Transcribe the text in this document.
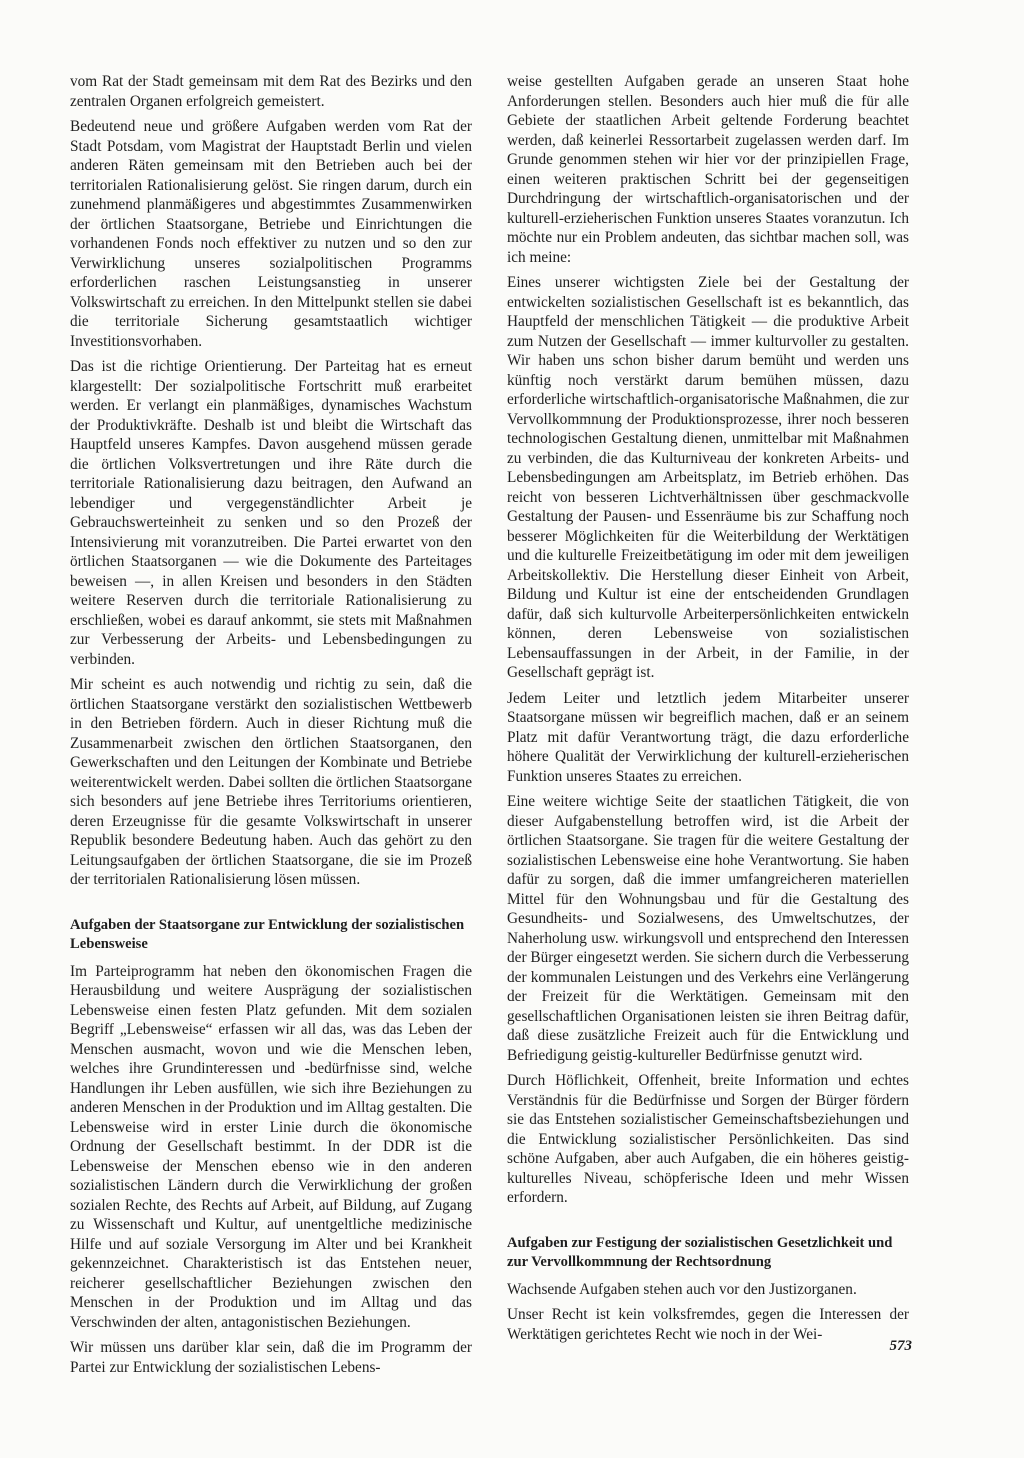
vom Rat der Stadt gemeinsam mit dem Rat des Bezirks und den zentralen Organen erfolgreich gemeistert.

Bedeutend neue und größere Aufgaben werden vom Rat der Stadt Potsdam, vom Magistrat der Hauptstadt Berlin und vielen anderen Räten gemeinsam mit den Betrieben auch bei der territorialen Rationalisierung gelöst. Sie ringen darum, durch ein zunehmend planmäßigeres und abgestimmtes Zusammenwirken der örtlichen Staatsorgane, Betriebe und Einrichtungen die vorhandenen Fonds noch effektiver zu nutzen und so den zur Verwirklichung unseres sozialpolitischen Programms erforderlichen raschen Leistungsanstieg in unserer Volkswirtschaft zu erreichen. In den Mittelpunkt stellen sie dabei die territoriale Sicherung gesamtstaatlich wichtiger Investitionsvorhaben.

Das ist die richtige Orientierung. Der Parteitag hat es erneut klargestellt: Der sozialpolitische Fortschritt muß erarbeitet werden. Er verlangt ein planmäßiges, dynamisches Wachstum der Produktivkräfte. Deshalb ist und bleibt die Wirtschaft das Hauptfeld unseres Kampfes. Davon ausgehend müssen gerade die örtlichen Volksvertretungen und ihre Räte durch die territoriale Rationalisierung dazu beitragen, den Aufwand an lebendiger und vergegenständlichter Arbeit je Gebrauchswerteinheit zu senken und so den Prozeß der Intensivierung mit voranzutreiben. Die Partei erwartet von den örtlichen Staatsorganen — wie die Dokumente des Parteitages beweisen —, in allen Kreisen und besonders in den Städten weitere Reserven durch die territoriale Rationalisierung zu erschließen, wobei es darauf ankommt, sie stets mit Maßnahmen zur Verbesserung der Arbeits- und Lebensbedingungen zu verbinden.

Mir scheint es auch notwendig und richtig zu sein, daß die örtlichen Staatsorgane verstärkt den sozialistischen Wettbewerb in den Betrieben fördern. Auch in dieser Richtung muß die Zusammenarbeit zwischen den örtlichen Staatsorganen, den Gewerkschaften und den Leitungen der Kombinate und Betriebe weiterentwickelt werden. Dabei sollten die örtlichen Staatsorgane sich besonders auf jene Betriebe ihres Territoriums orientieren, deren Erzeugnisse für die gesamte Volkswirtschaft in unserer Republik besondere Bedeutung haben. Auch das gehört zu den Leitungsaufgaben der örtlichen Staatsorgane, die sie im Prozeß der territorialen Rationalisierung lösen müssen.

Aufgaben der Staatsorgane zur Entwicklung der sozialistischen Lebensweise

Im Parteiprogramm hat neben den ökonomischen Fragen die Herausbildung und weitere Ausprägung der sozialistischen Lebensweise einen festen Platz gefunden. Mit dem sozialen Begriff „Lebensweise“ erfassen wir all das, was das Leben der Menschen ausmacht, wovon und wie die Menschen leben, welches ihre Grundinteressen und -bedürfnisse sind, welche Handlungen ihr Leben ausfüllen, wie sich ihre Beziehungen zu anderen Menschen in der Produktion und im Alltag gestalten. Die Lebensweise wird in erster Linie durch die ökonomische Ordnung der Gesellschaft bestimmt. In der DDR ist die Lebensweise der Menschen ebenso wie in den anderen sozialistischen Ländern durch die Verwirklichung der großen sozialen Rechte, des Rechts auf Arbeit, auf Bildung, auf Zugang zu Wissenschaft und Kultur, auf unentgeltliche medizinische Hilfe und auf soziale Versorgung im Alter und bei Krankheit gekennzeichnet. Charakteristisch ist das Entstehen neuer, reicherer gesellschaftlicher Beziehungen zwischen den Menschen in der Produktion und im Alltag und das Verschwinden der alten, antagonistischen Beziehungen.

Wir müssen uns darüber klar sein, daß die im Programm der Partei zur Entwicklung der sozialistischen Lebens-

weise gestellten Aufgaben gerade an unseren Staat hohe Anforderungen stellen. Besonders auch hier muß die für alle Gebiete der staatlichen Arbeit geltende Forderung beachtet werden, daß keinerlei Ressortarbeit zugelassen werden darf. Im Grunde genommen stehen wir hier vor der prinzipiellen Frage, einen weiteren praktischen Schritt bei der gegenseitigen Durchdringung der wirtschaftlich-organisatorischen und der kulturell-erzieherischen Funktion unseres Staates voranzutun. Ich möchte nur ein Problem andeuten, das sichtbar machen soll, was ich meine:

Eines unserer wichtigsten Ziele bei der Gestaltung der entwickelten sozialistischen Gesellschaft ist es bekanntlich, das Hauptfeld der menschlichen Tätigkeit — die produktive Arbeit zum Nutzen der Gesellschaft — immer kulturvoller zu gestalten. Wir haben uns schon bisher darum bemüht und werden uns künftig noch verstärkt darum bemühen müssen, dazu erforderliche wirtschaftlich-organisatorische Maßnahmen, die zur Vervollkommnung der Produktionsprozesse, ihrer noch besseren technologischen Gestaltung dienen, unmittelbar mit Maßnahmen zu verbinden, die das Kulturniveau der konkreten Arbeits- und Lebensbedingungen am Arbeitsplatz, im Betrieb erhöhen. Das reicht von besseren Lichtverhältnissen über geschmackvolle Gestaltung der Pausen- und Essenräume bis zur Schaffung noch besserer Möglichkeiten für die Weiterbildung der Werktätigen und die kulturelle Freizeitbetätigung im oder mit dem jeweiligen Arbeitskollektiv. Die Herstellung dieser Einheit von Arbeit, Bildung und Kultur ist eine der entscheidenden Grundlagen dafür, daß sich kulturvolle Arbeiterpersönlichkeiten entwickeln können, deren Lebensweise von sozialistischen Lebensauffassungen in der Arbeit, in der Familie, in der Gesellschaft geprägt ist.

Jedem Leiter und letztlich jedem Mitarbeiter unserer Staatsorgane müssen wir begreiflich machen, daß er an seinem Platz mit dafür Verantwortung trägt, die dazu erforderliche höhere Qualität der Verwirklichung der kulturell-erzieherischen Funktion unseres Staates zu erreichen.

Eine weitere wichtige Seite der staatlichen Tätigkeit, die von dieser Aufgabenstellung betroffen wird, ist die Arbeit der örtlichen Staatsorgane. Sie tragen für die weitere Gestaltung der sozialistischen Lebensweise eine hohe Verantwortung. Sie haben dafür zu sorgen, daß die immer umfangreicheren materiellen Mittel für den Wohnungsbau und für die Gestaltung des Gesundheits- und Sozialwesens, des Umweltschutzes, der Naherholung usw. wirkungsvoll und entsprechend den Interessen der Bürger eingesetzt werden. Sie sichern durch die Verbesserung der kommunalen Leistungen und des Verkehrs eine Verlängerung der Freizeit für die Werktätigen. Gemeinsam mit den gesellschaftlichen Organisationen leisten sie ihren Beitrag dafür, daß diese zusätzliche Freizeit auch für die Entwicklung und Befriedigung geistig-kultureller Bedürfnisse genutzt wird.

Durch Höflichkeit, Offenheit, breite Information und echtes Verständnis für die Bedürfnisse und Sorgen der Bürger fördern sie das Entstehen sozialistischer Gemeinschaftsbeziehungen und die Entwicklung sozialistischer Persönlichkeiten. Das sind schöne Aufgaben, aber auch Aufgaben, die ein höheres geistig-kulturelles Niveau, schöpferische Ideen und mehr Wissen erfordern.

Aufgaben zur Festigung der sozialistischen Gesetzlichkeit und zur Vervollkommnung der Rechtsordnung

Wachsende Aufgaben stehen auch vor den Justizorganen.

Unser Recht ist kein volksfremdes, gegen die Interessen der Werktätigen gerichtetes Recht wie noch in der Wei-

573
